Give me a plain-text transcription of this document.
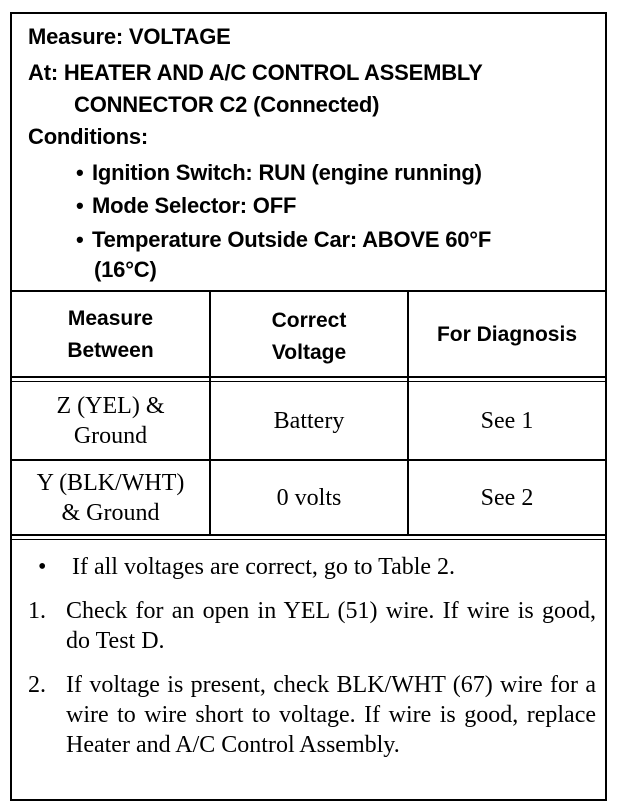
Measure: VOLTAGE
At: HEATER AND A/C CONTROL ASSEMBLY
CONNECTOR C2 (Connected)
Conditions:
• Ignition Switch: RUN (engine running)
• Mode Selector: OFF
• Temperature Outside Car: ABOVE 60°F
(16°C)
Measure
Between
Correct
Voltage
For Diagnosis
Z (YEL) &
Ground
Battery	See 1
Y (BLK/WHT)
& Ground
0 volts	See 2
• If all voltages are correct, go to Table 2.
1. Check for an open in YEL (51) wire. If wire is good, do Test D.
2. If voltage is present, check BLK/WHT (67) wire for a wire to wire short to voltage. If wire is good, replace Heater and A/C Control Assembly.
